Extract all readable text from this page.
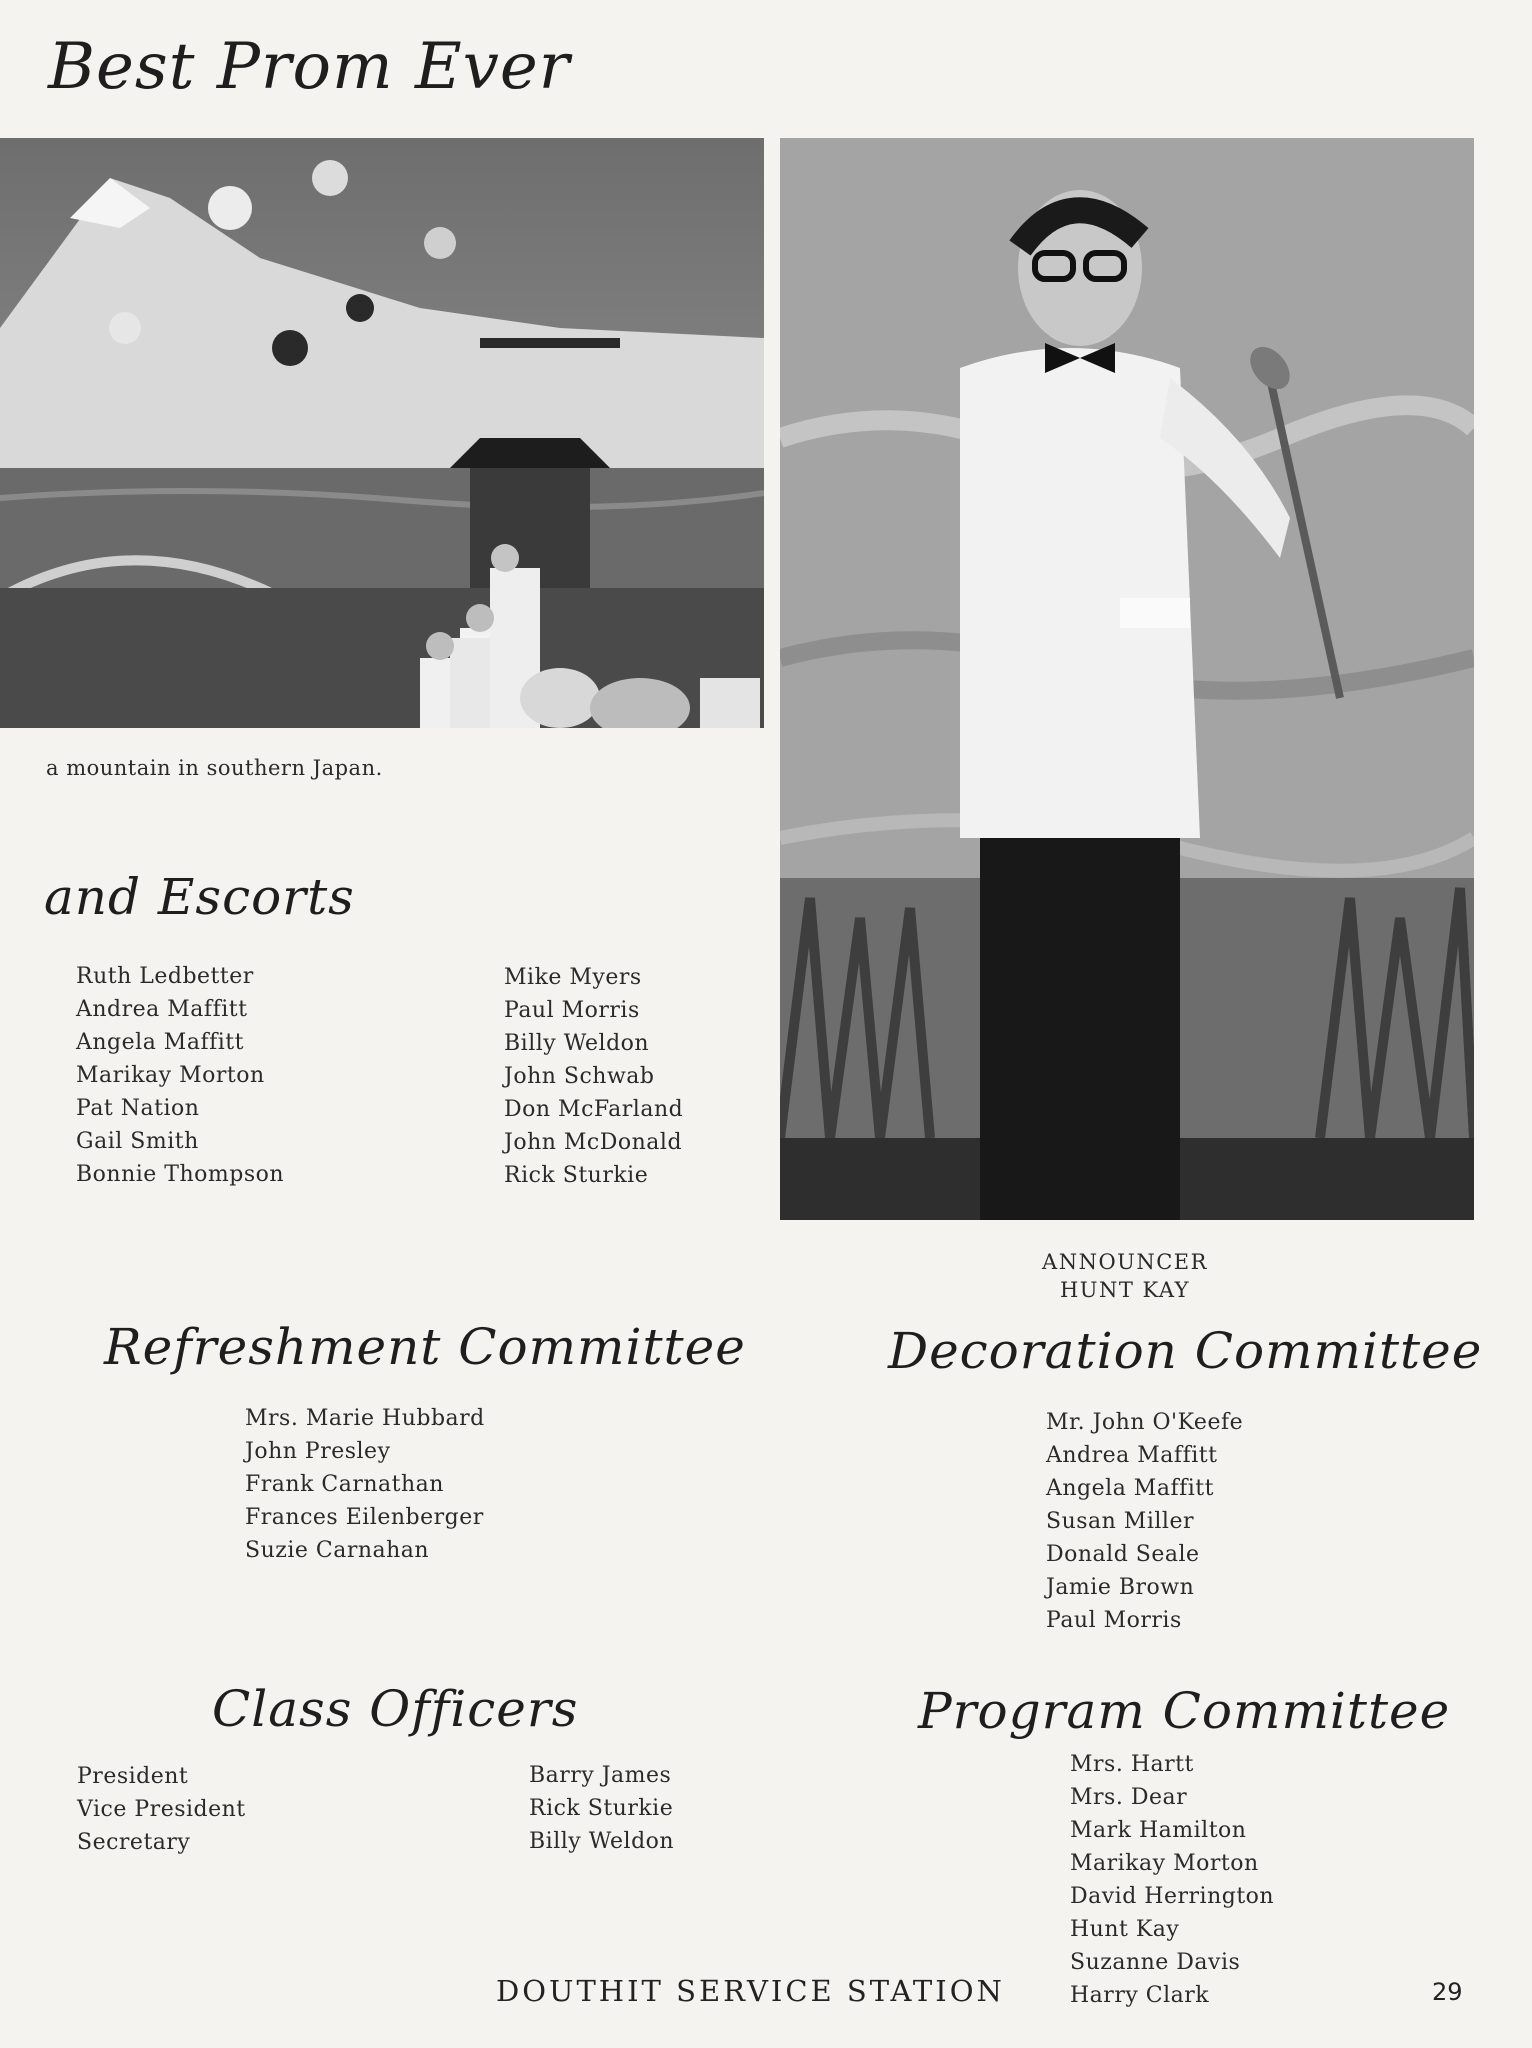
Best Prom Ever
a mountain in southern Japan.
ANNOUNCER
HUNT KAY
and Escorts
Ruth Ledbetter
Andrea Maffitt
Angela Maffitt
Marikay Morton
Pat Nation
Gail Smith
Bonnie Thompson
Mike Myers
Paul Morris
Billy Weldon
John Schwab
Don McFarland
John McDonald
Rick Sturkie
Refreshment Committee
Mrs. Marie Hubbard
John Presley
Frank Carnathan
Frances Eilenberger
Suzie Carnahan
Decoration Committee
Mr. John O'Keefe
Andrea Maffitt
Angela Maffitt
Susan Miller
Donald Seale
Jamie Brown
Paul Morris
Class Officers
President
Vice President
Secretary
Barry James
Rick Sturkie
Billy Weldon
Program Committee
Mrs. Hartt
Mrs. Dear
Mark Hamilton
Marikay Morton
David Herrington
Hunt Kay
Suzanne Davis
Harry Clark
DOUTHIT SERVICE STATION	29
